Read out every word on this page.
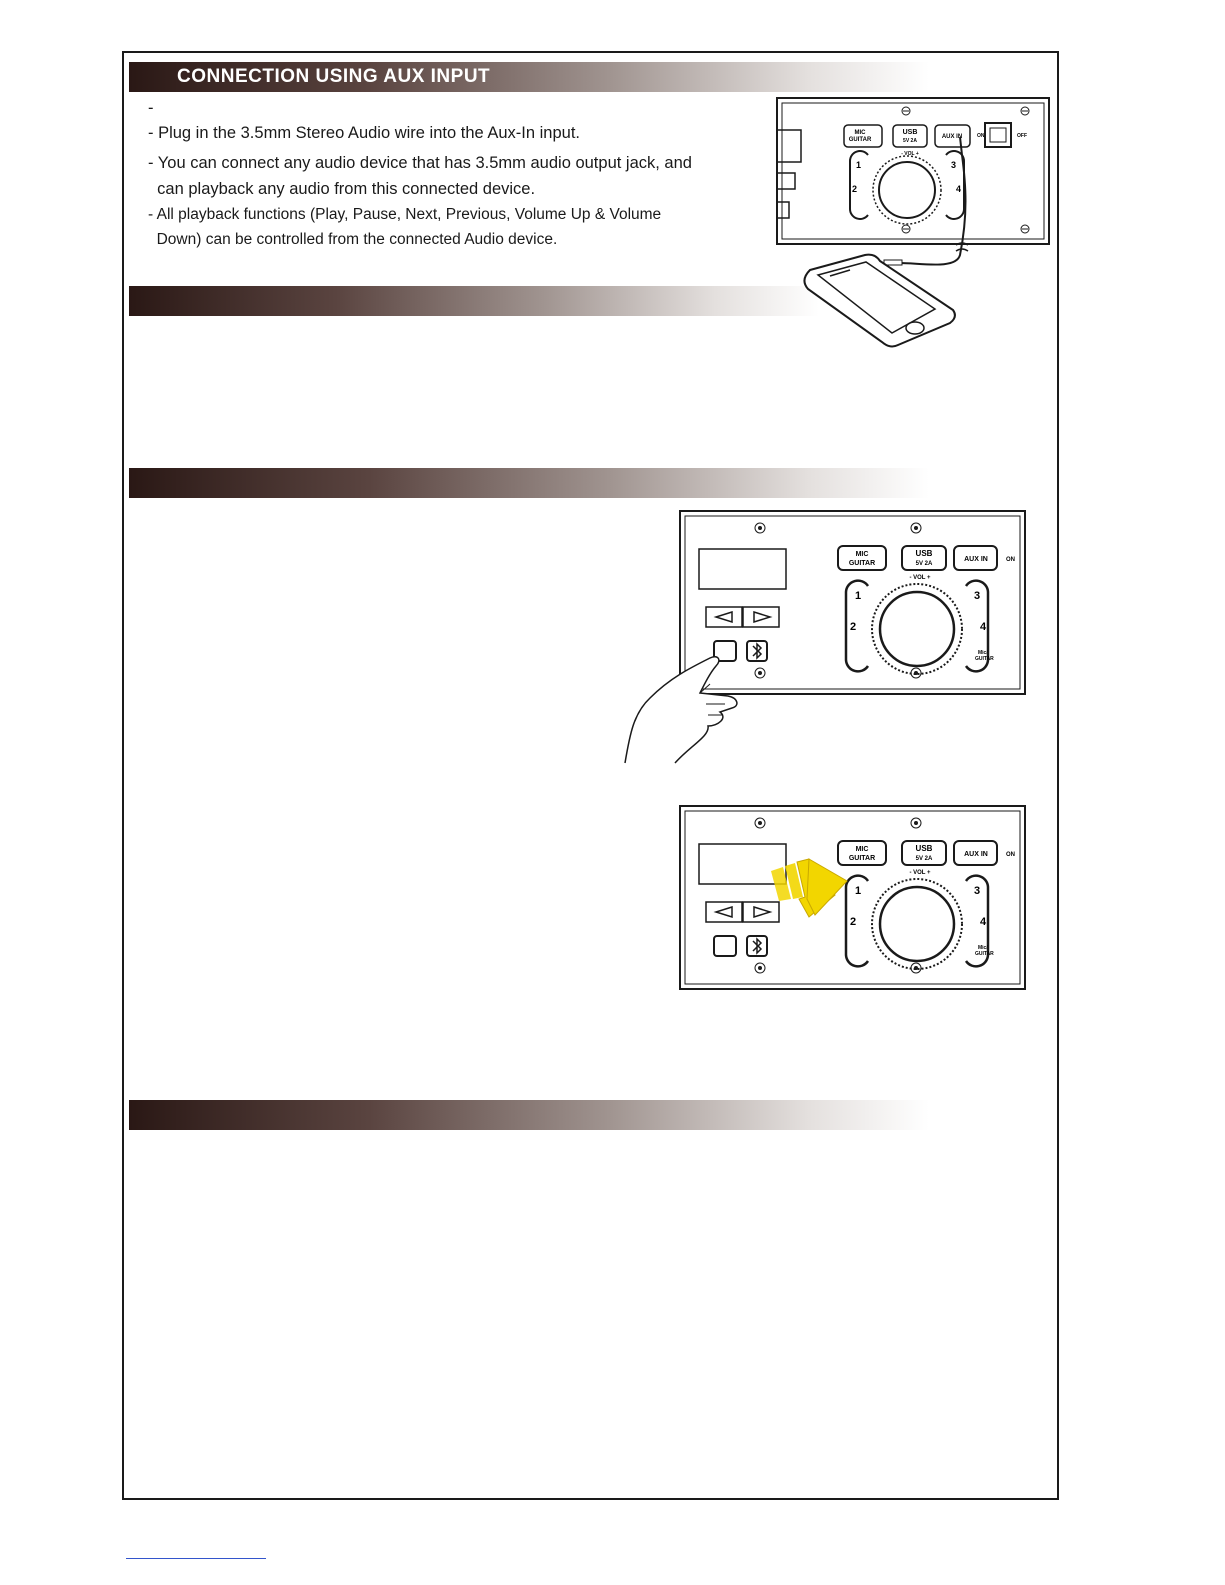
CONNECTION USING AUX INPUT
-
- Plug in the 3.5mm Stereo Audio wire into the Aux-In input.
- You can connect any audio device that has 3.5mm audio output jack, and
can playback any audio from this connected device.
- All playback functions (Play, Pause, Next, Previous, Volume Up & Volume
Down) can be controlled from the connected Audio device.
MIC
GUITAR
USB
5V 2A
AUX IN	ON	OFF
- VOL +
1
2
3
4
MIC
GUITAR
USB
5V 2A
AUX IN	ON
- VOL +
1
2
3
4
Mic/
GUITAR
MIC
GUITAR
USB
5V 2A
AUX IN	ON
- VOL +
1
2
3
4
Mic/
GUITAR
